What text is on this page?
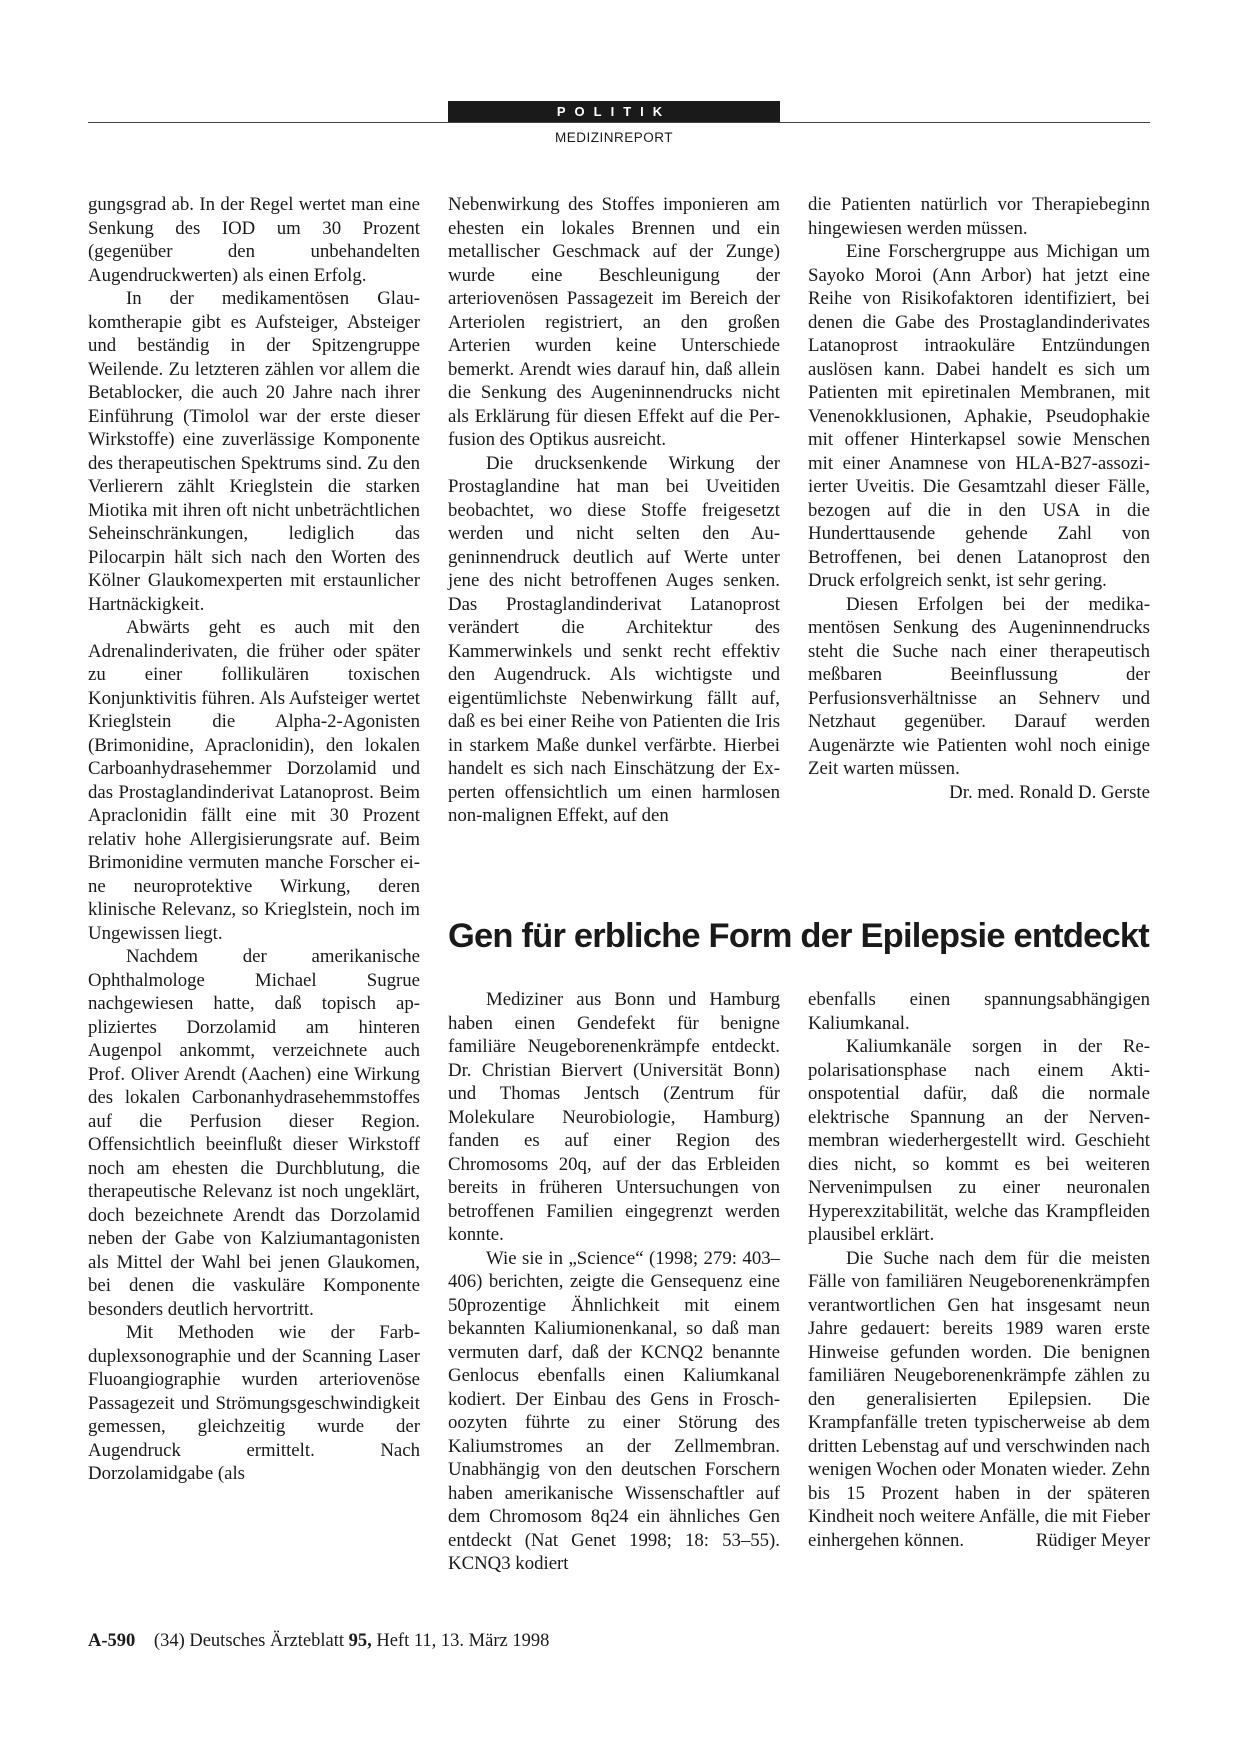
POLITIK
MEDIZINREPORT

gungsgrad ab. In der Regel wertet man eine Senkung des IOD um 30 Prozent (gegenüber den unbehandelten Augendruckwerten) als einen Erfolg.

In der medikamentösen Glaukomtherapie gibt es Aufsteiger, Absteiger und beständig in der Spitzengruppe Weilende. Zu letzteren zählen vor allem die Betablocker, die auch 20 Jahre nach ihrer Einführung (Timolol war der erste dieser Wirkstoffe) eine zuverlässige Komponente des therapeutischen Spektrums sind. Zu den Verlierern zählt Krieglstein die starken Miotika mit ihren oft nicht unbeträchtlichen Seheinschränkungen, lediglich das Pilocarpin hält sich nach den Worten des Kölner Glaukomexperten mit erstaunlicher Hartnäckigkeit.

Abwärts geht es auch mit den Adrenalinderivaten, die früher oder später zu einer follikulären toxischen Konjunktivitis führen. Als Aufsteiger wertet Krieglstein die Alpha-2-Agonisten (Brimonidine, Apraclonidin), den lokalen Carboanhydrasehemmer Dorzolamid und das Prostaglandinderivat Latanoprost. Beim Apraclonidin fällt eine mit 30 Prozent relativ hohe Allergisierungsrate auf. Beim Brimonidine vermuten manche Forscher eine neuroprotektive Wirkung, deren klinische Relevanz, so Krieglstein, noch im Ungewissen liegt.

Nachdem der amerikanische Ophthalmologe Michael Sugrue nachgewiesen hatte, daß topisch appliziertes Dorzolamid am hinteren Augenpol ankommt, verzeichnete auch Prof. Oliver Arendt (Aachen) eine Wirkung des lokalen Carbonanhydrasehemmstoffes auf die Perfusion dieser Region. Offensichtlich beeinflußt dieser Wirkstoff noch am ehesten die Durchblutung, die therapeutische Relevanz ist noch ungeklärt, doch bezeichnete Arendt das Dorzolamid neben der Gabe von Kalziumantagonisten als Mittel der Wahl bei jenen Glaukomen, bei denen die vaskuläre Komponente besonders deutlich hervortritt.

Mit Methoden wie der Farbduplexsonographie und der Scanning Laser Fluoangiographie wurden arteriovenöse Passagezeit und Strömungsgeschwindigkeit gemessen, gleichzeitig wurde der Augendruck ermittelt. Nach Dorzolamidgabe (als

Nebenwirkung des Stoffes imponieren am ehesten ein lokales Brennen und ein metallischer Geschmack auf der Zunge) wurde eine Beschleunigung der arteriovenösen Passagezeit im Bereich der Arteriolen registriert, an den großen Arterien wurden keine Unterschiede bemerkt. Arendt wies darauf hin, daß allein die Senkung des Augeninnendrucks nicht als Erklärung für diesen Effekt auf die Perfusion des Optikus ausreicht.

Die drucksenkende Wirkung der Prostaglandine hat man bei Uveitiden beobachtet, wo diese Stoffe freigesetzt werden und nicht selten den Augeninnendruck deutlich auf Werte unter jene des nicht betroffenen Auges senken. Das Prostaglandinderivat Latanoprost verändert die Architektur des Kammerwinkels und senkt recht effektiv den Augendruck. Als wichtigste und eigentümlichste Nebenwirkung fällt auf, daß es bei einer Reihe von Patienten die Iris in starkem Maße dunkel verfärbte. Hierbei handelt es sich nach Einschätzung der Experten offensichtlich um einen harmlosen non-malignen Effekt, auf den

die Patienten natürlich vor Therapiebeginn hingewiesen werden müssen.

Eine Forschergruppe aus Michigan um Sayoko Moroi (Ann Arbor) hat jetzt eine Reihe von Risikofaktoren identifiziert, bei denen die Gabe des Prostaglandinderivates Latanoprost intraokuläre Entzündungen auslösen kann. Dabei handelt es sich um Patienten mit epiretinalen Membranen, mit Venenokklusionen, Aphakie, Pseudophakie mit offener Hinterkapsel sowie Menschen mit einer Anamnese von HLA-B27-assoziierter Uveitis. Die Gesamtzahl dieser Fälle, bezogen auf die in den USA in die Hunderttausende gehende Zahl von Betroffenen, bei denen Latanoprost den Druck erfolgreich senkt, ist sehr gering.

Diesen Erfolgen bei der medikamentösen Senkung des Augeninnendrucks steht die Suche nach einer therapeutisch meßbaren Beeinflussung der Perfusionsverhältnisse an Sehnerv und Netzhaut gegenüber. Darauf werden Augenärzte wie Patienten wohl noch einige Zeit warten müssen.
Dr. med. Ronald D. Gerste

Gen für erbliche Form der Epilepsie entdeckt

Mediziner aus Bonn und Hamburg haben einen Gendefekt für benigne familiäre Neugeborenenkrämpfe entdeckt. Dr. Christian Biervert (Universität Bonn) und Thomas Jentsch (Zentrum für Molekulare Neurobiologie, Hamburg) fanden es auf einer Region des Chromosoms 20q, auf der das Erbleiden bereits in früheren Untersuchungen von betroffenen Familien eingegrenzt werden konnte.

Wie sie in „Science“ (1998; 279: 403–406) berichten, zeigte die Gensequenz eine 50prozentige Ähnlichkeit mit einem bekannten Kaliumionenkanal, so daß man vermuten darf, daß der KCNQ2 benannte Genlocus ebenfalls einen Kaliumkanal kodiert. Der Einbau des Gens in Froschoozyten führte zu einer Störung des Kaliumstromes an der Zellmembran. Unabhängig von den deutschen Forschern haben amerikanische Wissenschaftler auf dem Chromosom 8q24 ein ähnliches Gen entdeckt (Nat Genet 1998; 18: 53–55). KCNQ3 kodiert

ebenfalls einen spannungsabhängigen Kaliumkanal.

Kaliumkanäle sorgen in der Repolarisationsphase nach einem Aktionspotential dafür, daß die normale elektrische Spannung an der Nervenmembran wiederhergestellt wird. Geschieht dies nicht, so kommt es bei weiteren Nervenimpulsen zu einer neuronalen Hyperexzitabilität, welche das Krampfleiden plausibel erklärt.

Die Suche nach dem für die meisten Fälle von familiären Neugeborenenkrämpfen verantwortlichen Gen hat insgesamt neun Jahre gedauert: bereits 1989 waren erste Hinweise gefunden worden. Die benignen familiären Neugeborenenkrämpfe zählen zu den generalisierten Epilepsien. Die Krampfanfälle treten typischerweise ab dem dritten Lebenstag auf und verschwinden nach wenigen Wochen oder Monaten wieder. Zehn bis 15 Prozent haben in der späteren Kindheit noch weitere Anfälle, die mit Fieber einhergehen können.	Rüdiger Meyer

A-590 (34) Deutsches Ärzteblatt 95, Heft 11, 13. März 1998
